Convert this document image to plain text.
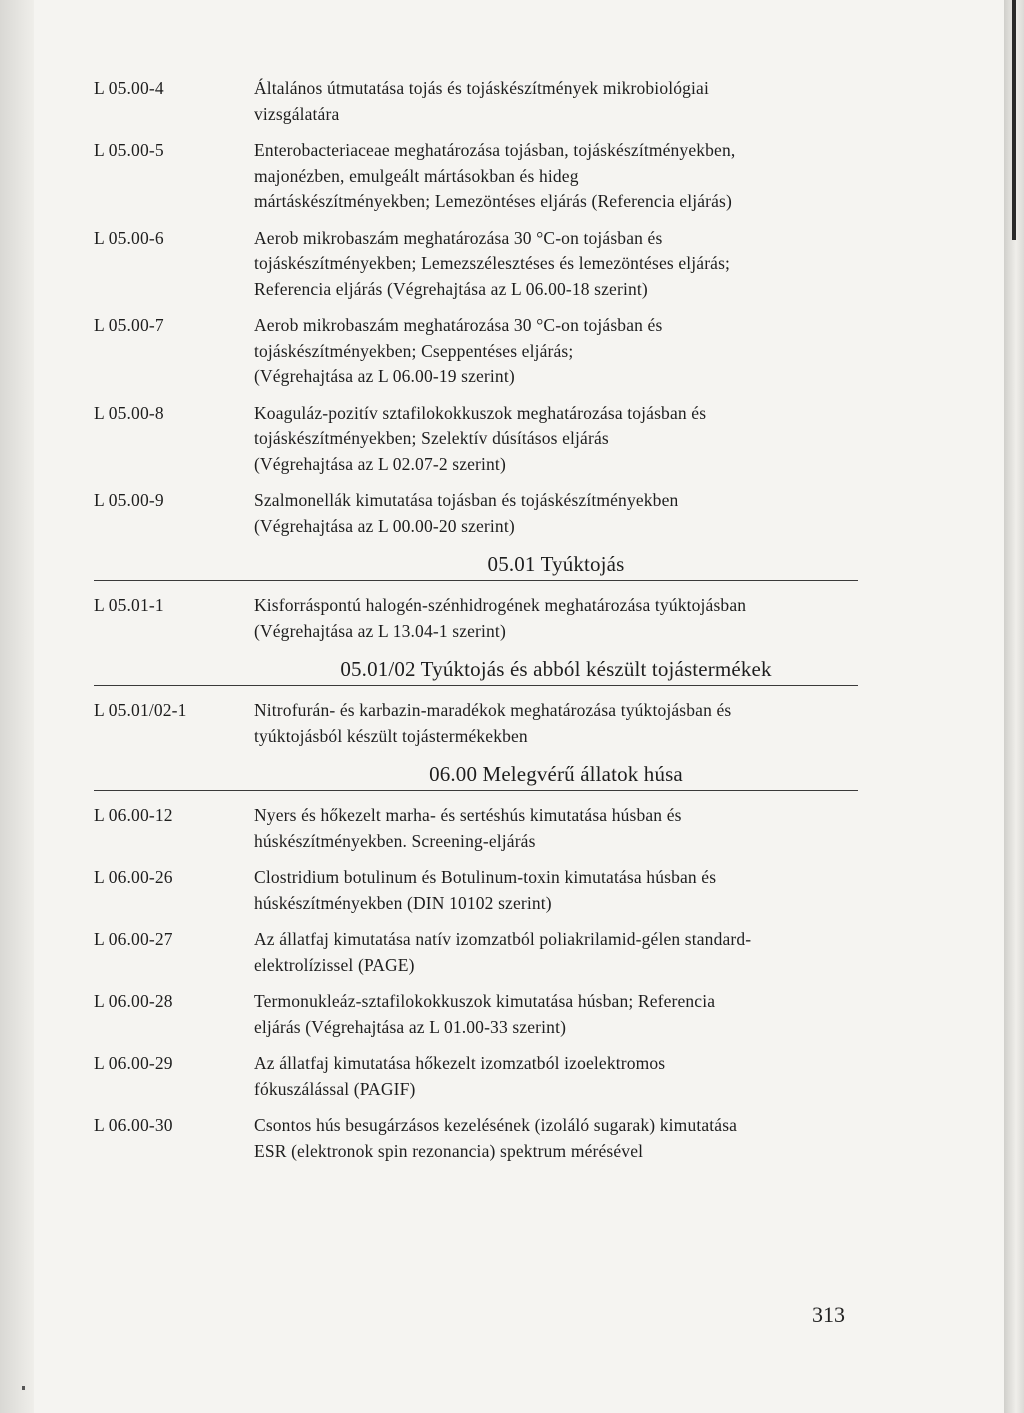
L 05.00-4	Általános útmutatása tojás és tojáskészítmények mikrobiológiai
vizsgálatára
L 05.00-5	Enterobacteriaceae meghatározása tojásban, tojáskészítményekben,
majonézben, emulgeált mártásokban és hideg
mártáskészítményekben; Lemezöntéses eljárás (Referencia eljárás)
L 05.00-6	Aerob mikrobaszám meghatározása 30 °C-on tojásban és
tojáskészítményekben; Lemezszélesztéses és lemezöntéses eljárás;
Referencia eljárás (Végrehajtása az L 06.00-18 szerint)
L 05.00-7	Aerob mikrobaszám meghatározása 30 °C-on tojásban és
tojáskészítményekben; Cseppentéses eljárás;
(Végrehajtása az L 06.00-19 szerint)
L 05.00-8	Koaguláz-pozitív sztafilokokkuszok meghatározása tojásban és
tojáskészítményekben; Szelektív dúsításos eljárás
(Végrehajtása az L 02.07-2 szerint)
L 05.00-9	Szalmonellák kimutatása tojásban és tojáskészítményekben
(Végrehajtása az L 00.00-20 szerint)
05.01 Tyúktojás
L 05.01-1	Kisforráspontú halogén-szénhidrogének meghatározása tyúktojásban
(Végrehajtása az L 13.04-1 szerint)
05.01/02 Tyúktojás és abból készült tojástermékek
L 05.01/02-1	Nitrofurán- és karbazin-maradékok meghatározása tyúktojásban és
tyúktojásból készült tojástermékekben
06.00 Melegvérű állatok húsa
L 06.00-12	Nyers és hőkezelt marha- és sertéshús kimutatása húsban és
húskészítményekben. Screening-eljárás
L 06.00-26	Clostridium botulinum és Botulinum-toxin kimutatása húsban és
húskészítményekben (DIN 10102 szerint)
L 06.00-27	Az állatfaj kimutatása natív izomzatból poliakrilamid-gélen standard-
elektrolízissel (PAGE)
L 06.00-28	Termonukleáz-sztafilokokkuszok kimutatása húsban; Referencia
eljárás (Végrehajtása az L 01.00-33 szerint)
L 06.00-29	Az állatfaj kimutatása hőkezelt izomzatból izoelektromos
fókuszálással (PAGIF)
L 06.00-30	Csontos hús besugárzásos kezelésének (izoláló sugarak) kimutatása
ESR (elektronok spin rezonancia) spektrum mérésével
313
